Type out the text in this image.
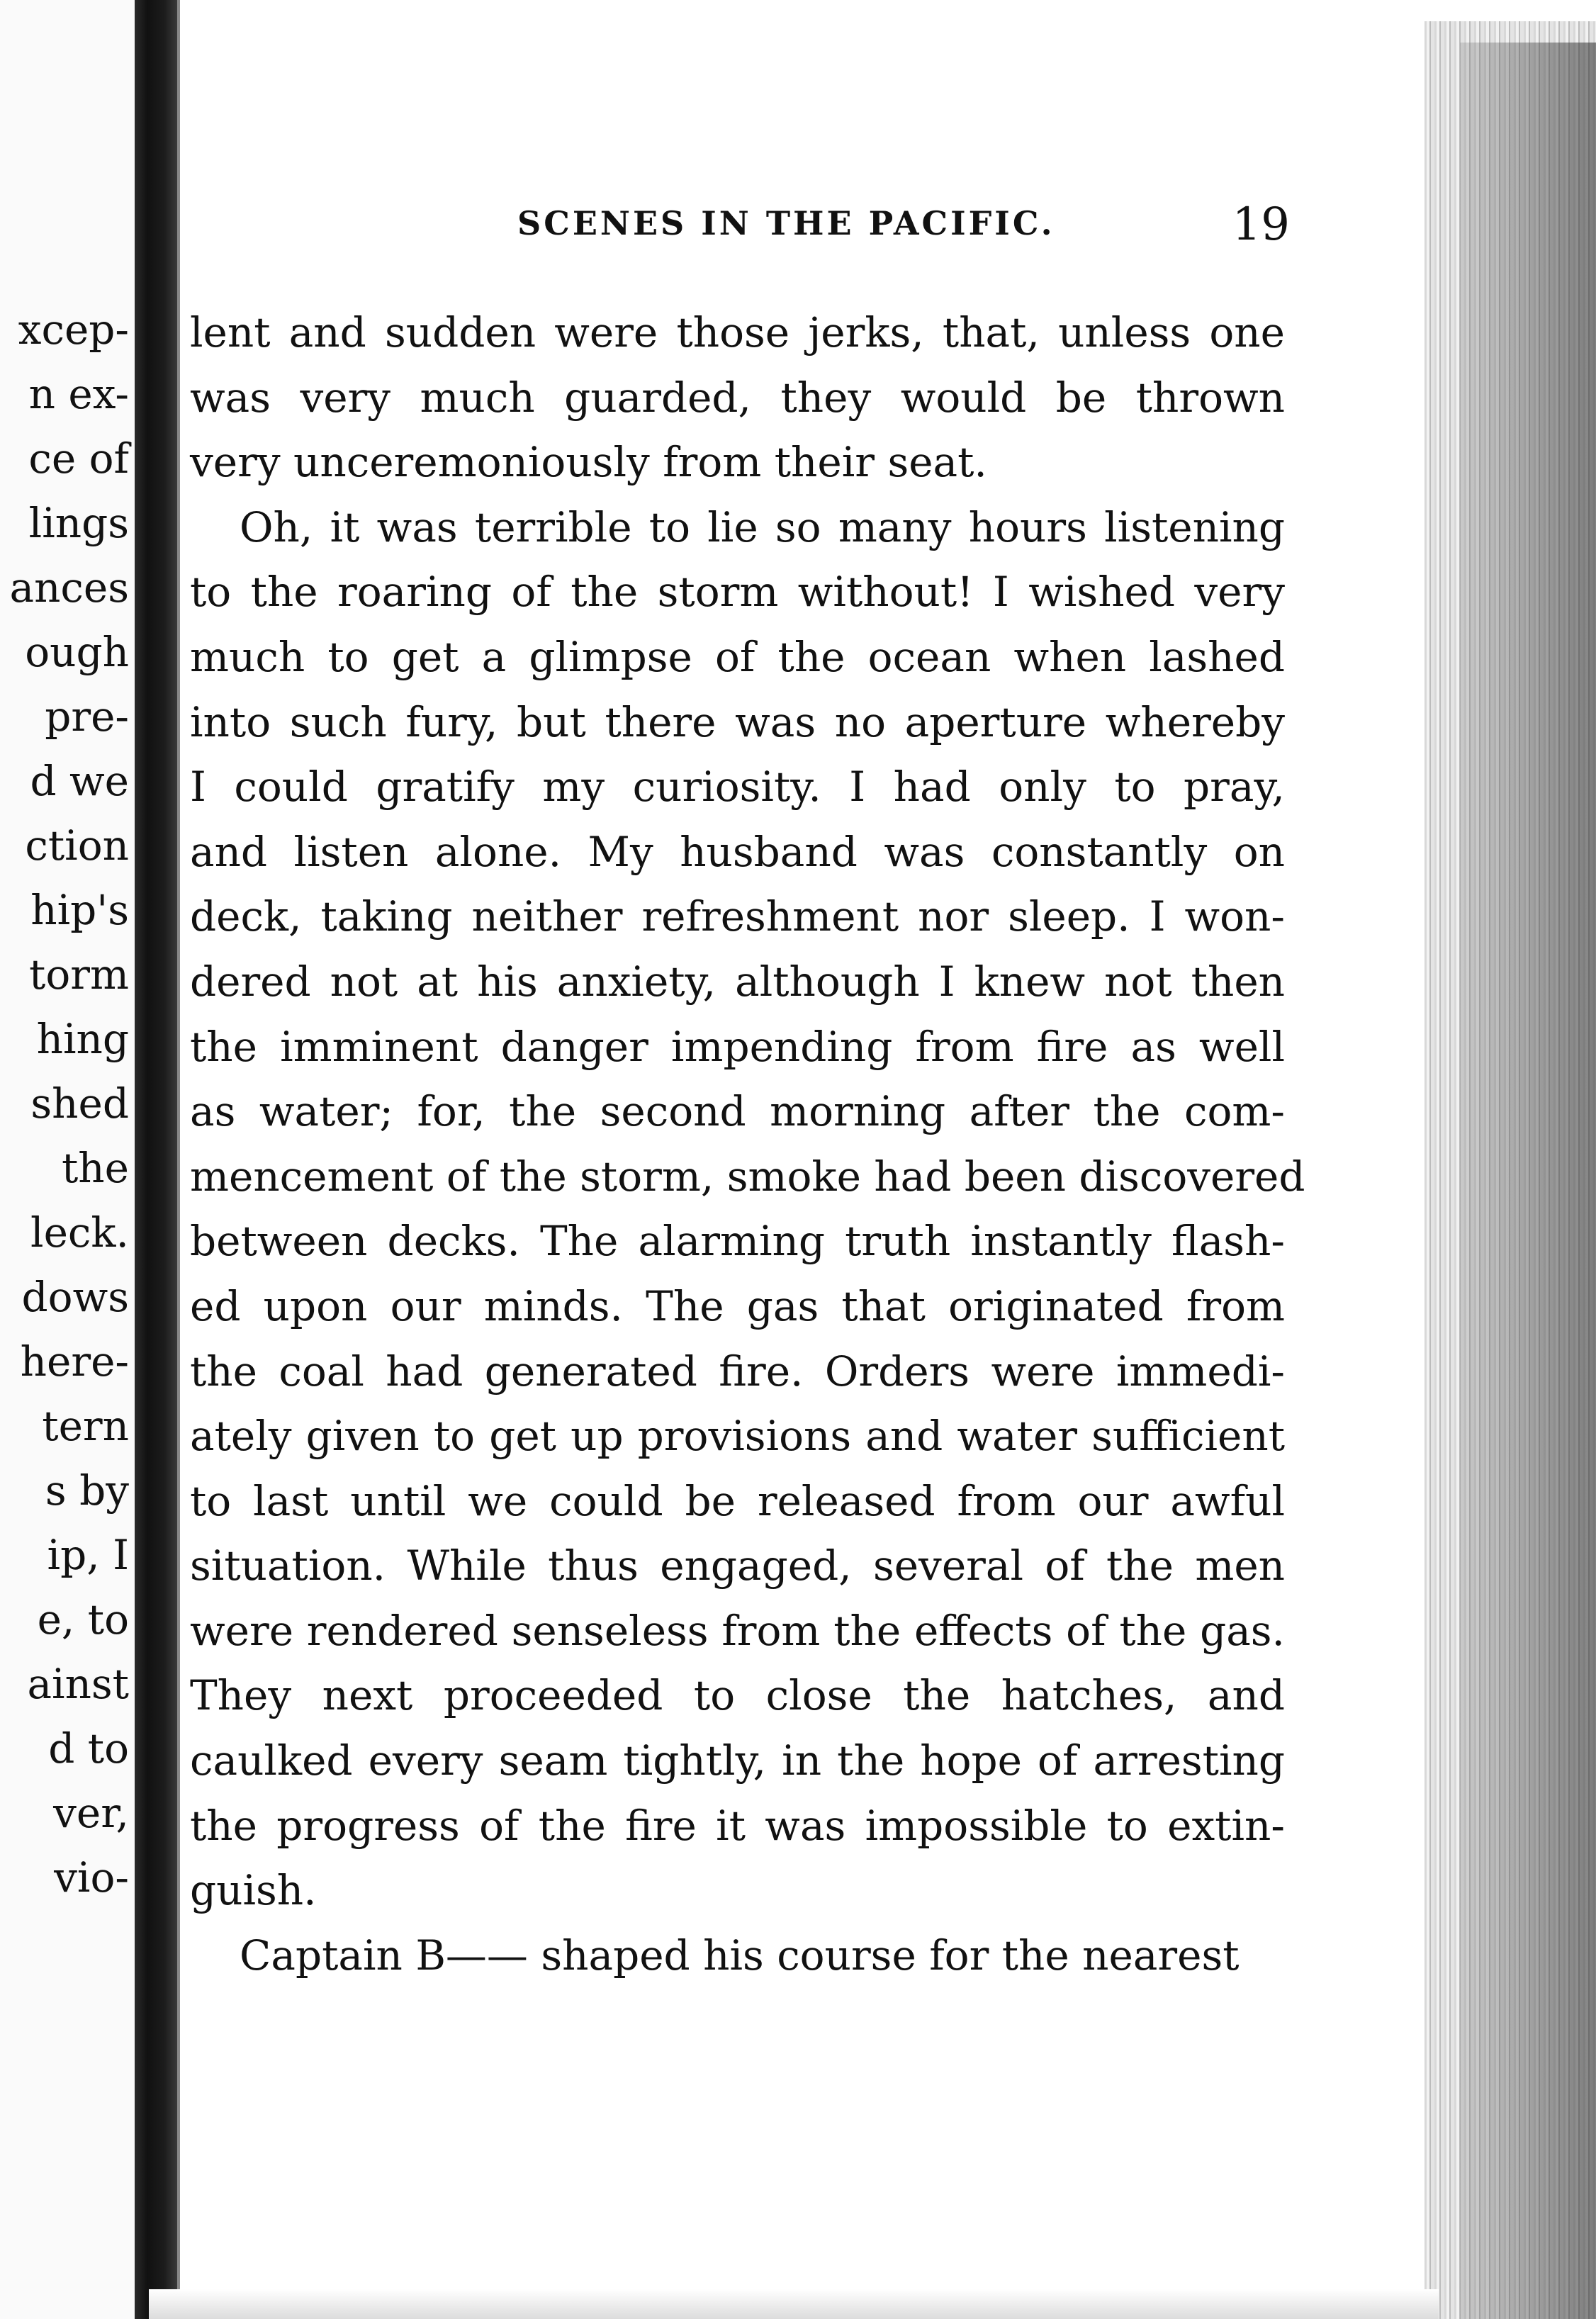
xcep-
n ex-
ce of
lings
ances
ough
pre-
d we
ction
hip's
torm
hing
shed
the
leck.
dows
here-
tern
s by
ip, I
e, to
ainst
d to
ver,
vio-
SCENES IN THE PACIFIC.	19
lent and sudden were those jerks, that, unless one
was very much guarded, they would be thrown
very unceremoniously from their seat.
Oh, it was terrible to lie so many hours listening
to the roaring of the storm without! I wished very
much to get a glimpse of the ocean when lashed
into such fury, but there was no aperture whereby
I could gratify my curiosity. I had only to pray,
and listen alone. My husband was constantly on
deck, taking neither refreshment nor sleep. I won-
dered not at his anxiety, although I knew not then
the imminent danger impending from fire as well
as water; for, the second morning after the com-
mencement of the storm, smoke had been discovered
between decks. The alarming truth instantly flash-
ed upon our minds. The gas that originated from
the coal had generated fire. Orders were immedi-
ately given to get up provisions and water sufficient
to last until we could be released from our awful
situation. While thus engaged, several of the men
were rendered senseless from the effects of the gas.
They next proceeded to close the hatches, and
caulked every seam tightly, in the hope of arresting
the progress of the fire it was impossible to extin-
guish.
Captain B—— shaped his course for the nearest
